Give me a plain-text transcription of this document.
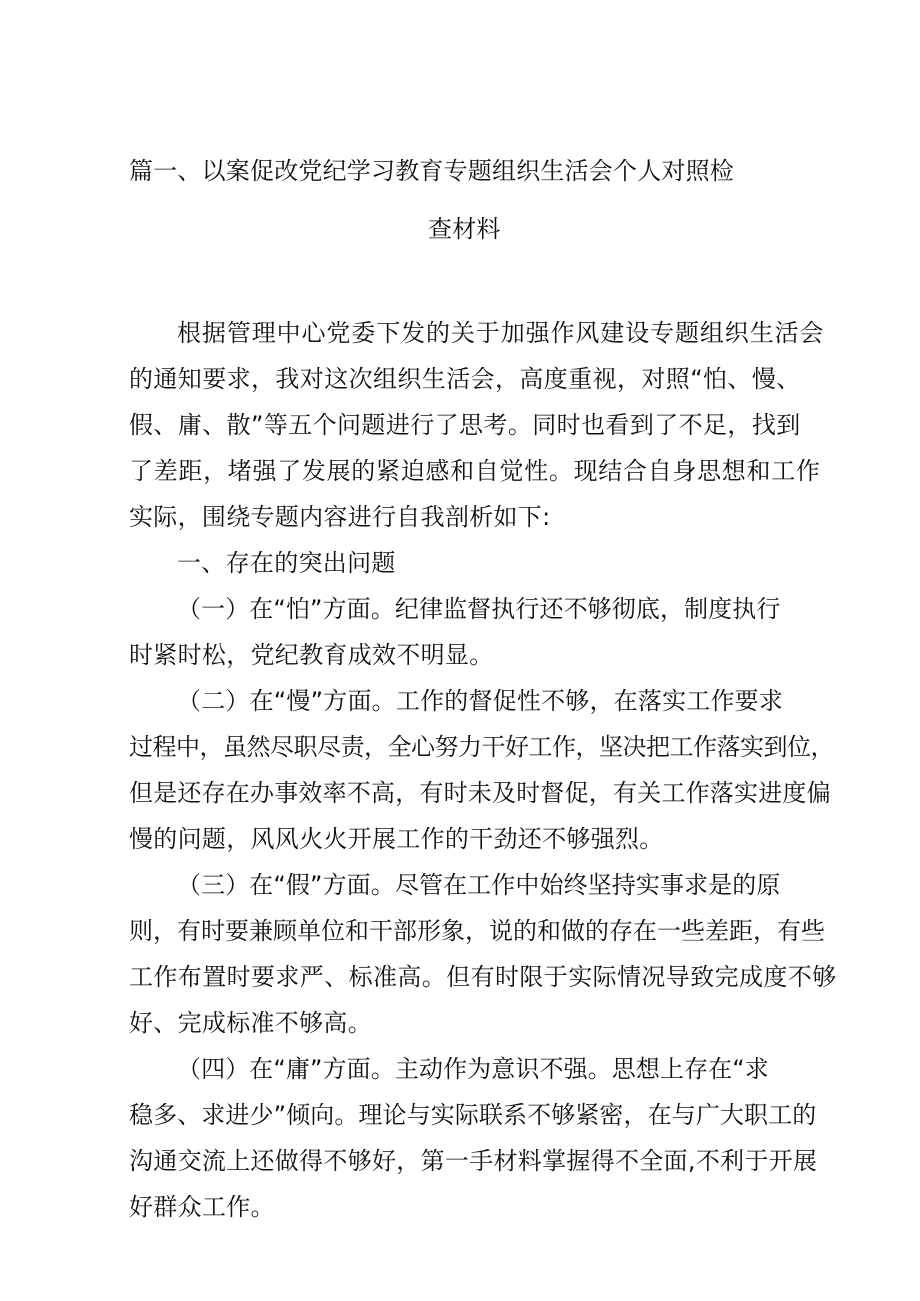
篇一、以案促改党纪学习教育专题组织生活会个人对照检
查材料
根据管理中心党委下发的关于加强作风建设专题组织生活会
的通知要求，我对这次组织生活会，高度重视，对照“怕、慢、
假、庸、散”等五个问题进行了思考。同时也看到了不足，找到
了差距，堵强了发展的紧迫感和自觉性。现结合自身思想和工作
实际，围绕专题内容进行自我剖析如下:
一、存在的突出问题
（一）在“怕”方面。纪律监督执行还不够彻底，制度执行
时紧时松，党纪教育成效不明显。
（二）在“慢”方面。工作的督促性不够，在落实工作要求
过程中，虽然尽职尽责，全心努力干好工作，坚决把工作落实到位，
但是还存在办事效率不高，有时未及时督促，有关工作落实进度偏
慢的问题，风风火火开展工作的干劲还不够强烈。
（三）在“假”方面。尽管在工作中始终坚持实事求是的原
则，有时要兼顾单位和干部形象，说的和做的存在一些差距，有些
工作布置时要求严、标准高。但有时限于实际情况导致完成度不够
好、完成标准不够高。
（四）在“庸”方面。主动作为意识不强。思想上存在“求
稳多、求进少”倾向。理论与实际联系不够紧密，在与广大职工的
沟通交流上还做得不够好，第一手材料掌握得不全面,不利于开展
好群众工作。
